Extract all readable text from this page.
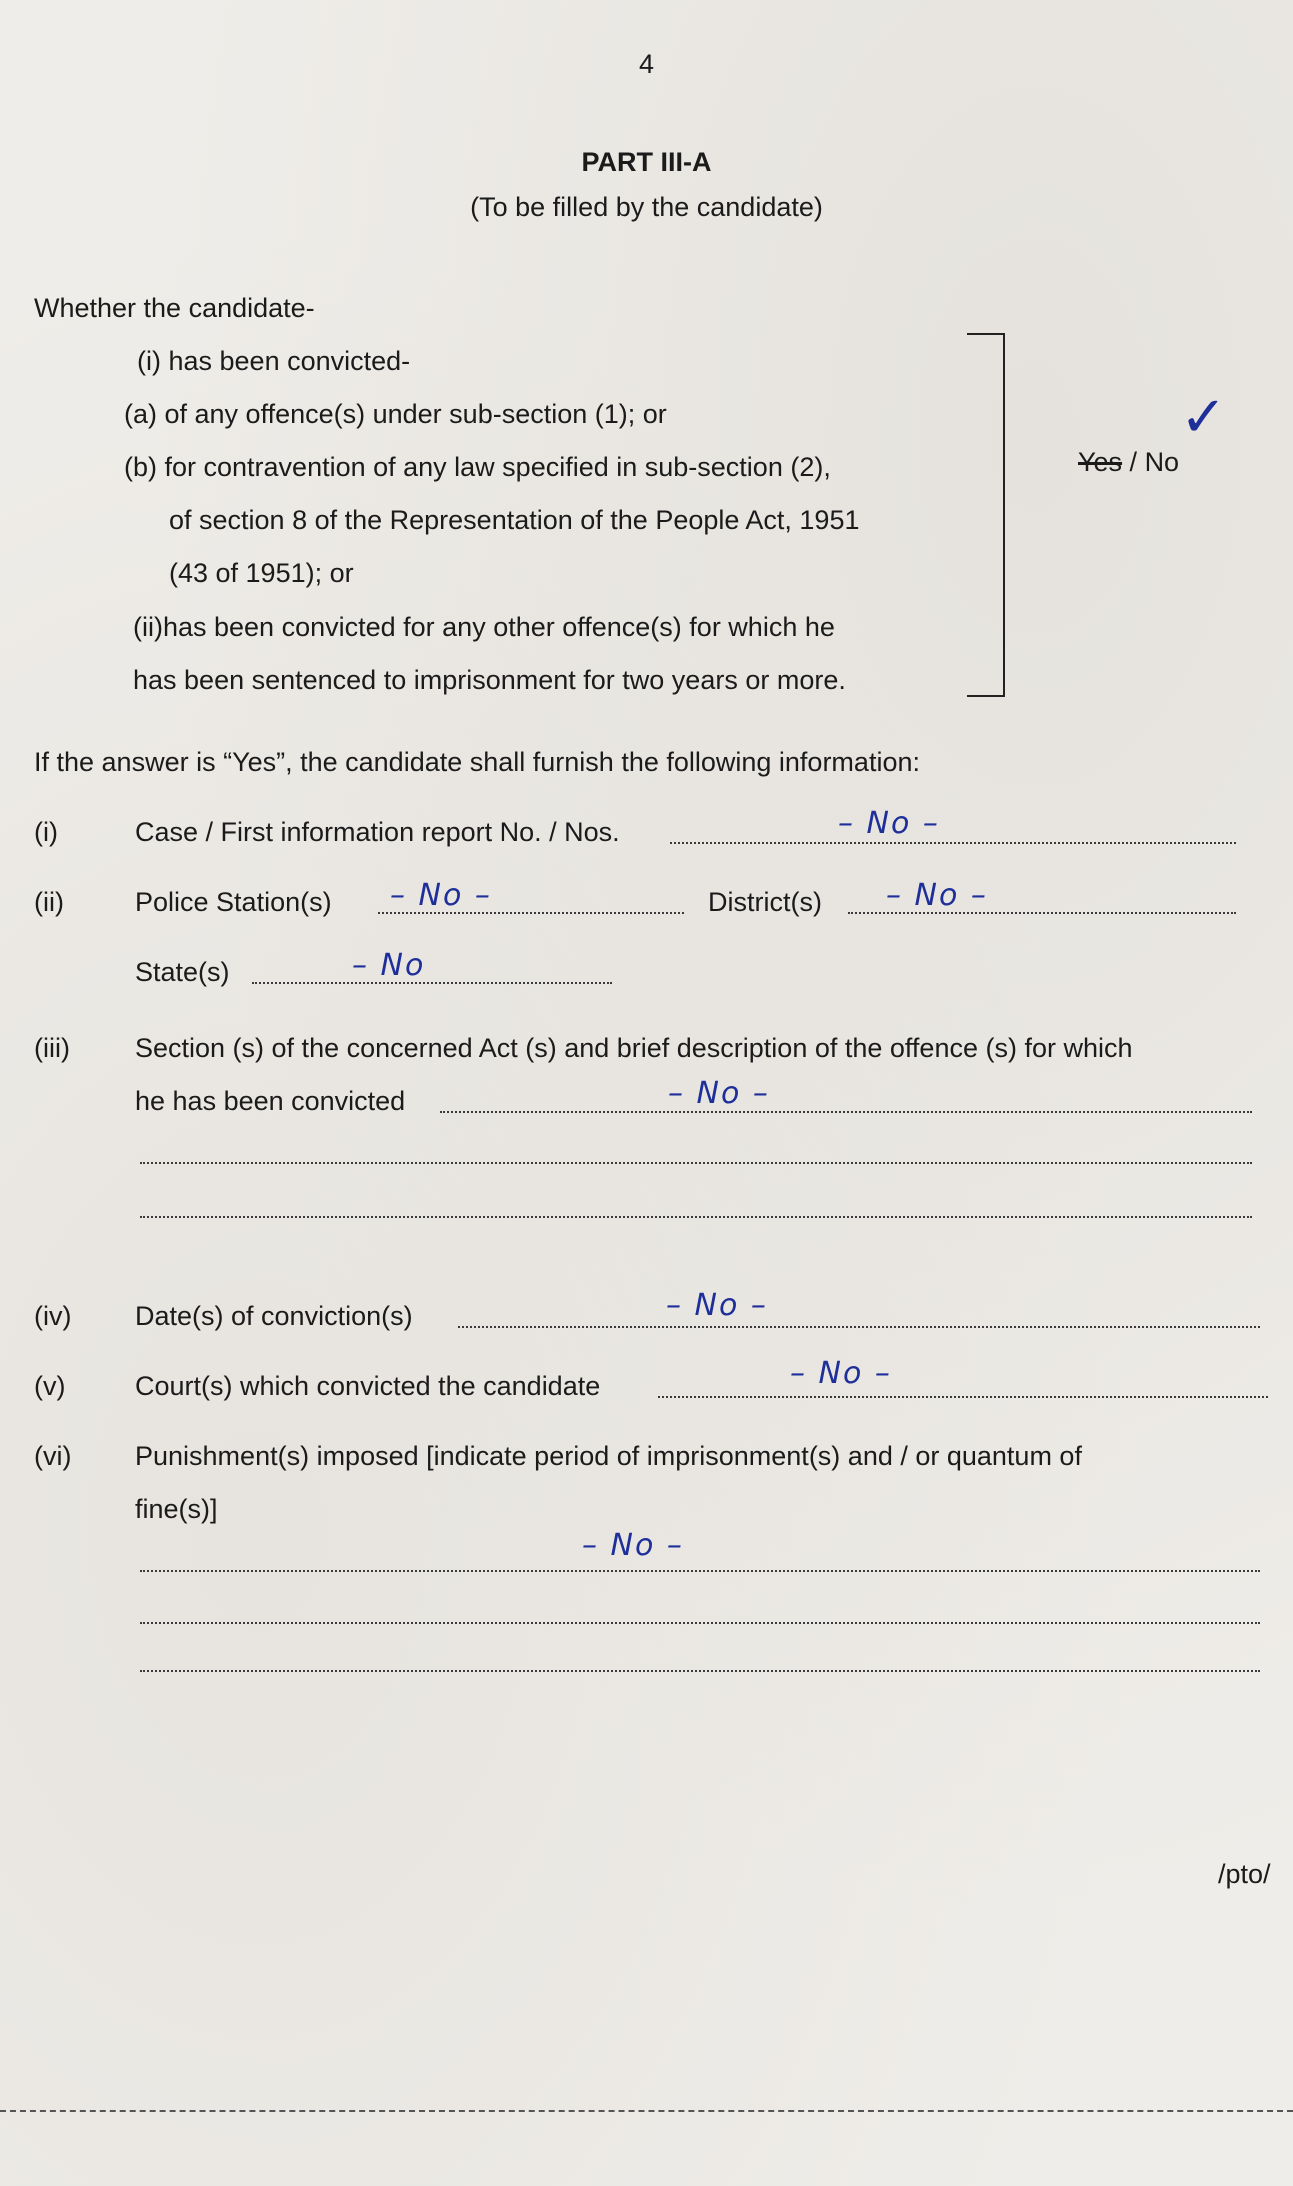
4
PART III-A
(To be filled by the candidate)
Whether the candidate-
(i) has been convicted-
(a) of any offence(s) under sub-section (1); or
(b) for contravention of any law specified in sub-section (2),
of section 8 of the Representation of the People Act, 1951
(43 of 1951); or
(ii)has been convicted for any other offence(s) for which he
has been sentenced to imprisonment for two years or more.
Yes / No
✓
If the answer is “Yes”, the candidate shall furnish the following information:
(i)	Case / First information report No. / Nos.	– No –
(ii)	Police Station(s) – No –	District(s) – No –
State(s)	– No
(iii) Section (s) of the concerned Act (s) and brief description of the offence (s) for which
he has been convicted	– No –
(iv) Date(s) of conviction(s)	– No –
(v)	Court(s) which convicted the candidate	– No –
(vi) Punishment(s) imposed [indicate period of imprisonment(s) and / or quantum of
fine(s)]
– No –
/pto/
